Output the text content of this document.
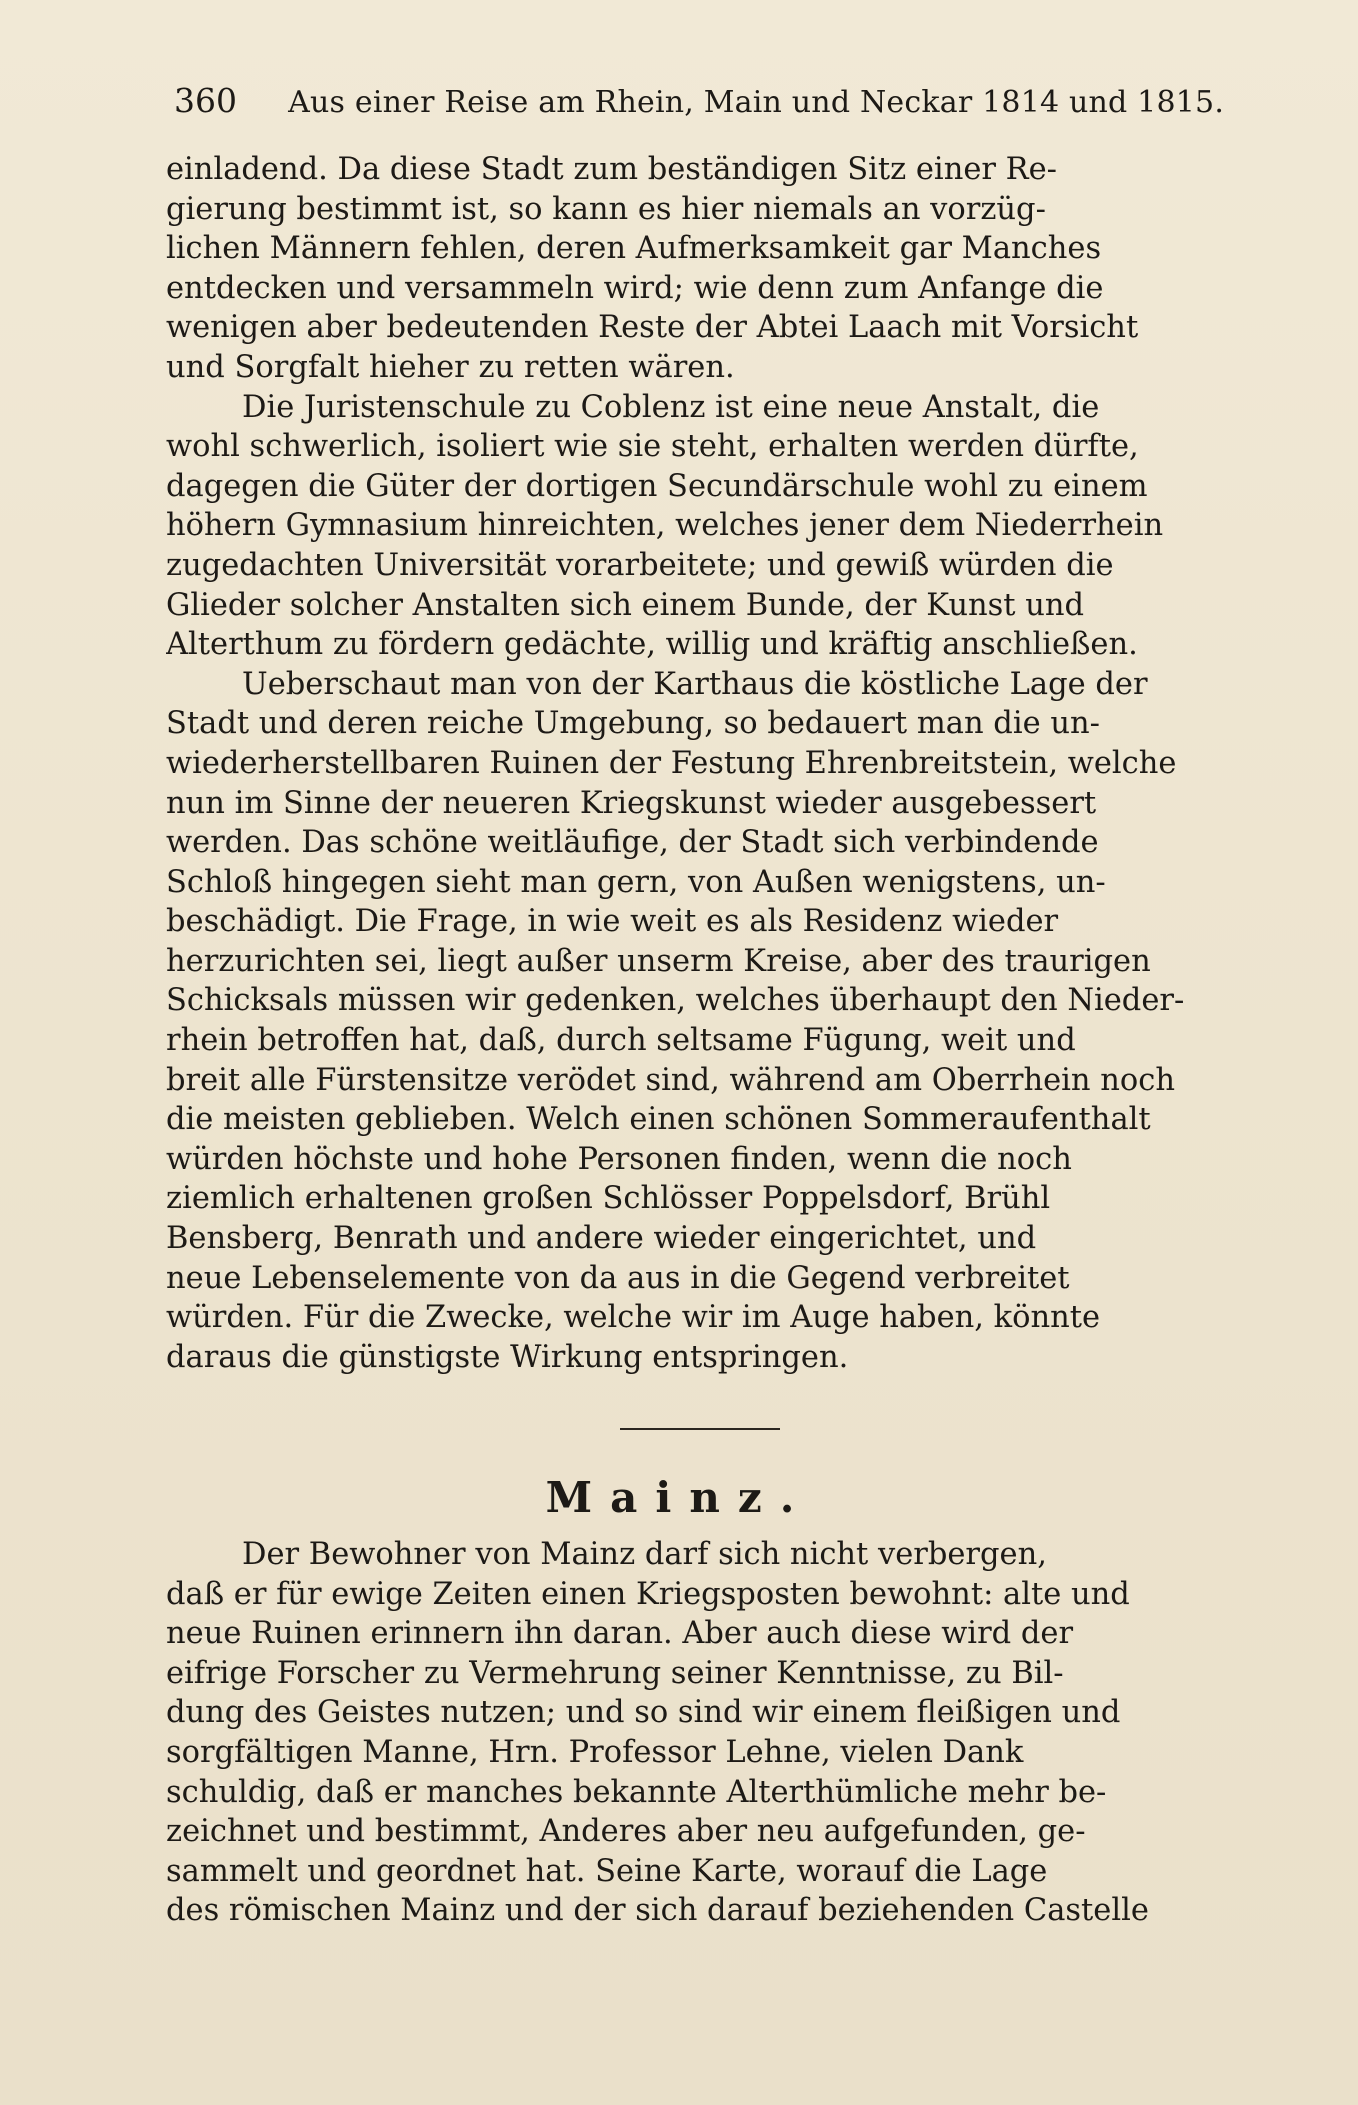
360 Aus einer Reise am Rhein, Main und Neckar 1814 und 1815.

einladend. Da diese Stadt zum beständigen Sitz einer Re-
gierung bestimmt ist, so kann es hier niemals an vorzüg-
lichen Männern fehlen, deren Aufmerksamkeit gar Manches
entdecken und versammeln wird; wie denn zum Anfange die
wenigen aber bedeutenden Reste der Abtei Laach mit Vorsicht
und Sorgfalt hieher zu retten wären.

Die Juristenschule zu Coblenz ist eine neue Anstalt, die
wohl schwerlich, isoliert wie sie steht, erhalten werden dürfte,
dagegen die Güter der dortigen Secundärschule wohl zu einem
höhern Gymnasium hinreichten, welches jener dem Niederrhein
zugedachten Universität vorarbeitete; und gewiß würden die
Glieder solcher Anstalten sich einem Bunde, der Kunst und
Alterthum zu fördern gedächte, willig und kräftig anschließen.

Ueberschaut man von der Karthaus die köstliche Lage der
Stadt und deren reiche Umgebung, so bedauert man die un-
wiederherstellbaren Ruinen der Festung Ehrenbreitstein, welche
nun im Sinne der neueren Kriegskunst wieder ausgebessert
werden. Das schöne weitläufige, der Stadt sich verbindende
Schloß hingegen sieht man gern, von Außen wenigstens, un-
beschädigt. Die Frage, in wie weit es als Residenz wieder
herzurichten sei, liegt außer unserm Kreise, aber des traurigen
Schicksals müssen wir gedenken, welches überhaupt den Nieder-
rhein betroffen hat, daß, durch seltsame Fügung, weit und
breit alle Fürstensitze verödet sind, während am Oberrhein noch
die meisten geblieben. Welch einen schönen Sommeraufenthalt
würden höchste und hohe Personen finden, wenn die noch
ziemlich erhaltenen großen Schlösser Poppelsdorf, Brühl
Bensberg, Benrath und andere wieder eingerichtet, und
neue Lebenselemente von da aus in die Gegend verbreitet
würden. Für die Zwecke, welche wir im Auge haben, könnte
daraus die günstigste Wirkung entspringen.

Mainz.

Der Bewohner von Mainz darf sich nicht verbergen,
daß er für ewige Zeiten einen Kriegsposten bewohnt: alte und
neue Ruinen erinnern ihn daran. Aber auch diese wird der
eifrige Forscher zu Vermehrung seiner Kenntnisse, zu Bil-
dung des Geistes nutzen; und so sind wir einem fleißigen und
sorgfältigen Manne, Hrn. Professor Lehne, vielen Dank
schuldig, daß er manches bekannte Alterthümliche mehr be-
zeichnet und bestimmt, Anderes aber neu aufgefunden, ge-
sammelt und geordnet hat. Seine Karte, worauf die Lage
des römischen Mainz und der sich darauf beziehenden Castelle
